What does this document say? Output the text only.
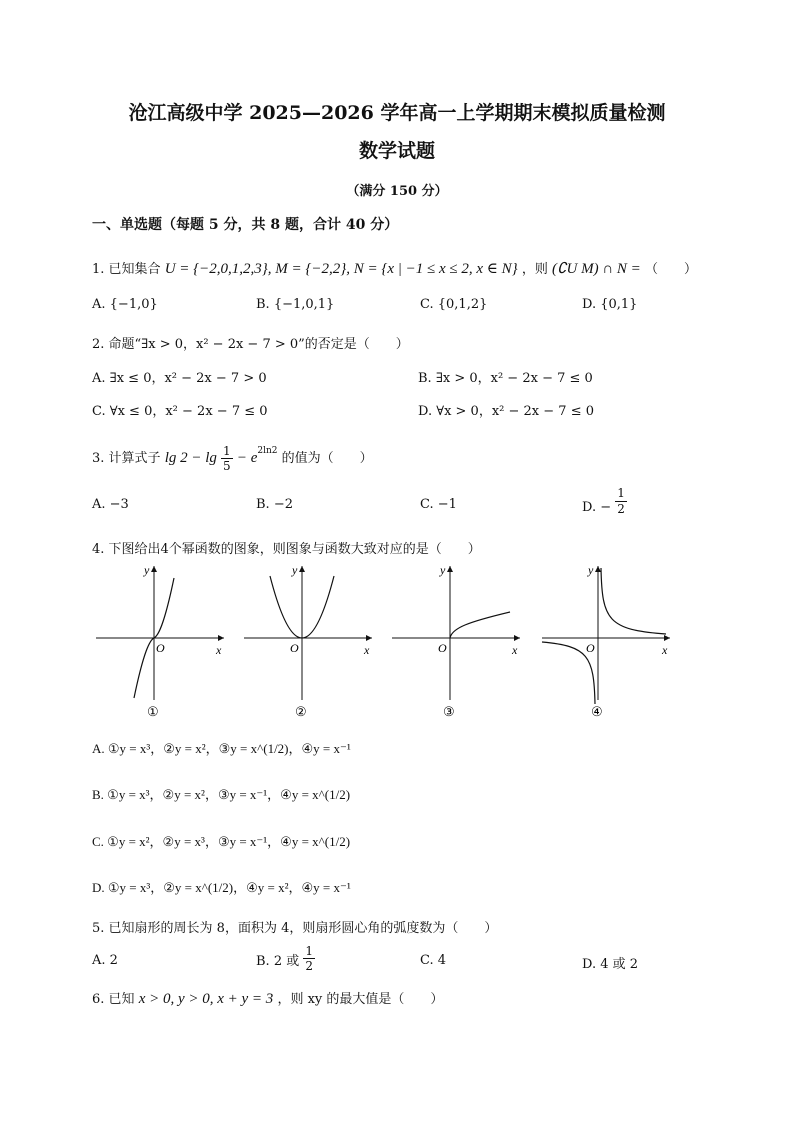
沧江高级中学 2025—2026 学年高一上学期期末模拟质量检测
数学试题
（满分 150 分）
一、单选题（每题 5 分，共 8 题，合计 40 分）
1. 已知集合 U = {−2,0,1,2,3}, M = {−2,2}, N = {x | −1 ≤ x ≤ 2, x ∈ N} ，则 (∁U M) ∩ N = （　　）
A. {−1,0}	B. {−1,0,1}	C. {0,1,2}	D. {0,1}
2. 命题“∃x > 0，x² − 2x − 7 > 0”的否定是（　　）
A. ∃x ≤ 0，x² − 2x − 7 > 0	B. ∃x > 0，x² − 2x − 7 ≤ 0
C. ∀x ≤ 0，x² − 2x − 7 ≤ 0	D. ∀x > 0，x² − 2x − 7 ≤ 0
3. 计算式子 $\lg 2 - \lg \frac{1}{5} - e^{2ln2}$ 的值为（　　）
A. −3	B. −2	C. −1	D. − $\frac{1}{2}$
4. 下图给出4个幂函数的图象，则图象与函数大致对应的是（　　）
y
x
O
①
y
x
O
②
y
x
O
③
y
x
O
④
A. ①y = x³，②y = x²，③y = x^(1/2)，④y = x⁻¹
B. ①y = x³，②y = x²，③y = x⁻¹，④y = x^(1/2)
C. ①y = x²，②y = x³，③y = x⁻¹，④y = x^(1/2)
D. ①y = x³，②y = x^(1/2)，④y = x²，④y = x⁻¹
5. 已知扇形的周长为 8，面积为 4，则扇形圆心角的弧度数为（　　）
A. 2	B. 2 或 $\frac{1}{2}$	C. 4	D. 4 或 2
6. 已知 x > 0, y > 0, x + y = 3 ，则 xy 的最大值是（　　）
